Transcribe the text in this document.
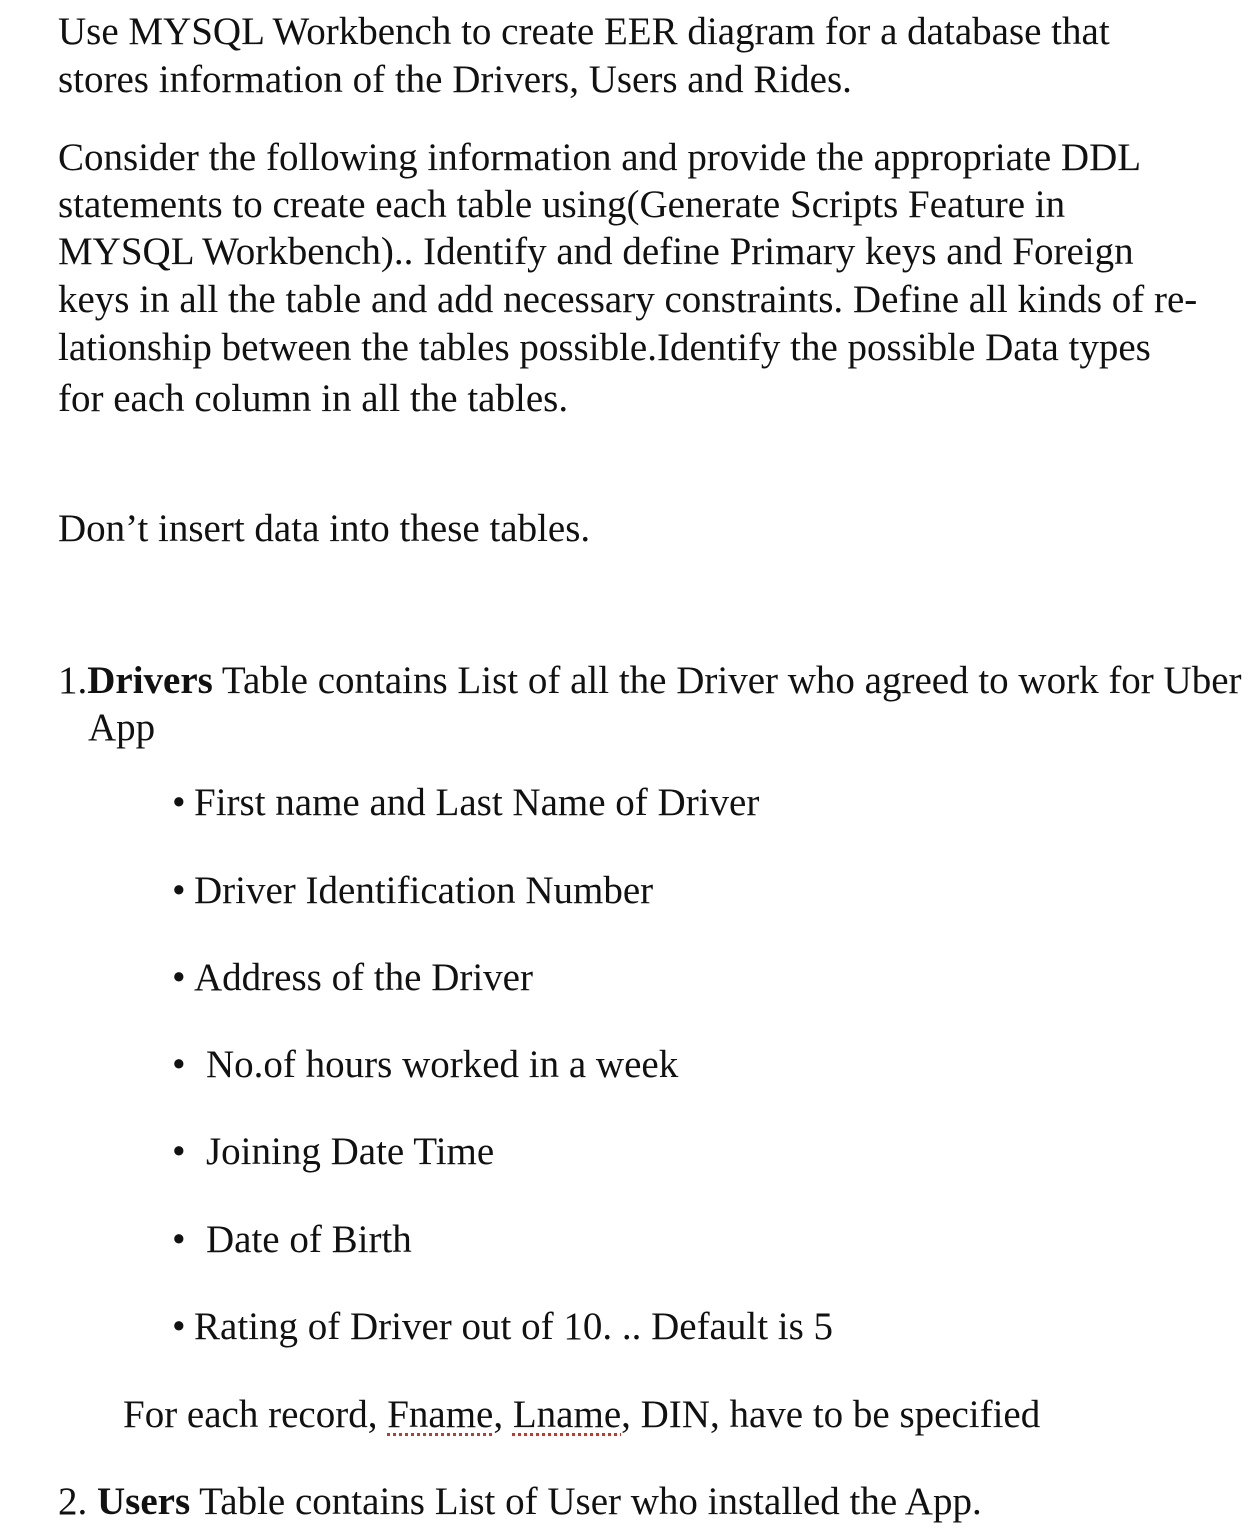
Use MYSQL Workbench to create EER diagram for a database that
stores information of the Drivers, Users and Rides.
Consider the following information and provide the appropriate DDL
statements to create each table using(Generate Scripts Feature in
MYSQL Workbench).. Identify and define Primary keys and Foreign
keys in all the table and add necessary constraints. Define all kinds of re-
lationship between the tables possible.Identify the possible Data types
for each column in all the tables.
Don’t insert data into these tables.
1.Drivers Table contains List of all the Driver who agreed to work for Uber
App
• First name and Last Name of Driver
• Driver Identification Number
• Address of the Driver
• No.of hours worked in a week
• Joining Date Time
• Date of Birth
• Rating of Driver out of 10. .. Default is 5
For each record, Fname, Lname, DIN, have to be specified
2. Users Table contains List of User who installed the App.
